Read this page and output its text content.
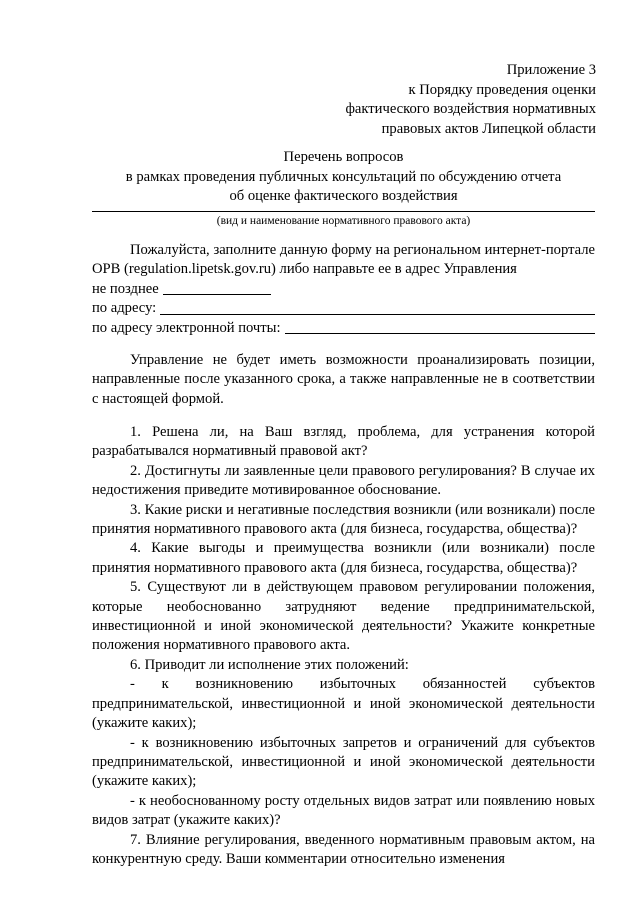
Приложение 3
к Порядку проведения оценки
фактического воздействия нормативных
правовых актов Липецкой области
Перечень вопросов
в рамках проведения публичных консультаций по обсуждению отчета
об оценке фактического воздействия
(вид и наименование нормативного правового акта)

Пожалуйста, заполните данную форму на региональном интернет-портале ОРВ (regulation.lipetsk.gov.ru) либо направьте ее в адрес Управления

не позднее
по адресу:
по адресу электронной почты:

Управление не будет иметь возможности проанализировать позиции, направленные после указанного срока, а также направленные не в соответствии с настоящей формой.

1. Решена ли, на Ваш взгляд, проблема, для устранения которой разрабатывался нормативный правовой акт?

2. Достигнуты ли заявленные цели правового регулирования? В случае их недостижения приведите мотивированное обоснование.

3. Какие риски и негативные последствия возникли (или возникали) после принятия нормативного правового акта (для бизнеса, государства, общества)?

4. Какие выгоды и преимущества возникли (или возникали) после принятия нормативного правового акта (для бизнеса, государства, общества)?

5. Существуют ли в действующем правовом регулировании положения, которые необоснованно затрудняют ведение предпринимательской, инвестиционной и иной экономической деятельности? Укажите конкретные положения нормативного правового акта.

6. Приводит ли исполнение этих положений:

- к возникновению избыточных обязанностей субъектов предпринимательской, инвестиционной и иной экономической деятельности (укажите каких);

- к возникновению избыточных запретов и ограничений для субъектов предпринимательской, инвестиционной и иной экономической деятельности (укажите каких);

- к необоснованному росту отдельных видов затрат или появлению новых видов затрат (укажите каких)?

7. Влияние регулирования, введенного нормативным правовым актом, на конкурентную среду. Ваши комментарии относительно изменения
